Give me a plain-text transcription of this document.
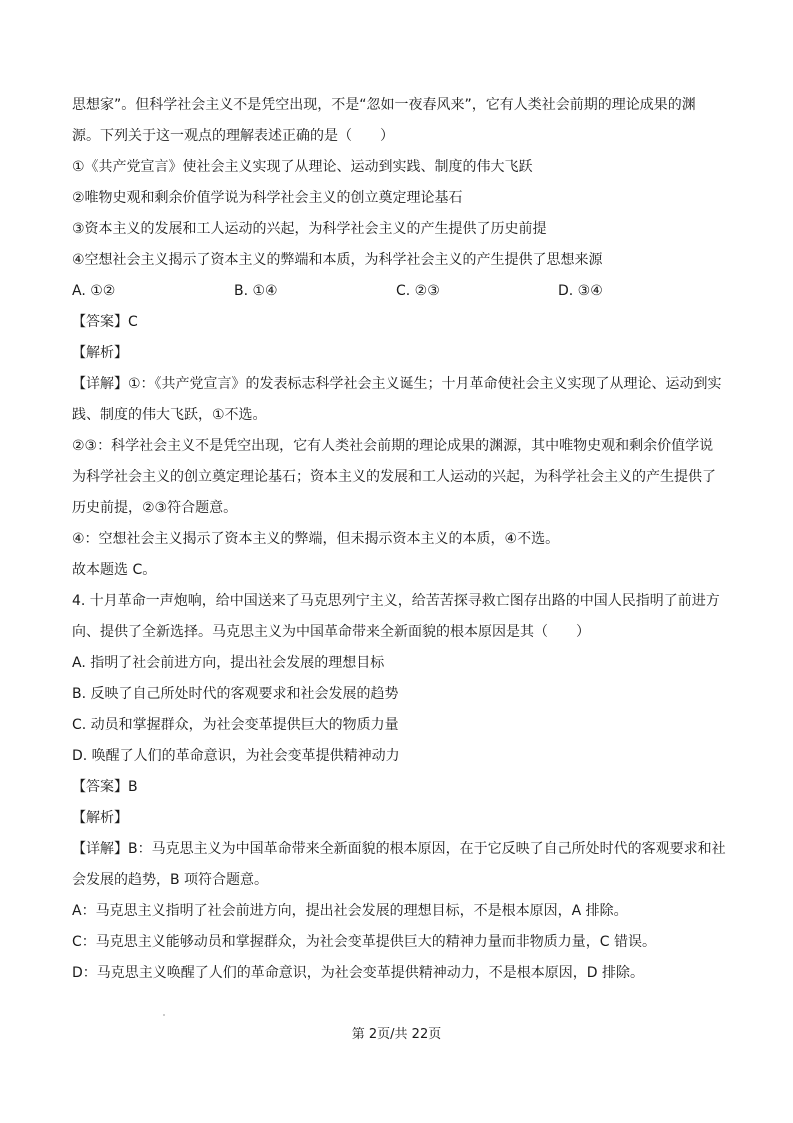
思想家”。但科学社会主义不是凭空出现，不是“忽如一夜春风来”，它有人类社会前期的理论成果的渊
源。下列关于这一观点的理解表述正确的是（　　）
①《共产党宣言》使社会主义实现了从理论、运动到实践、制度的伟大飞跃
②唯物史观和剩余价值学说为科学社会主义的创立奠定理论基石
③资本主义的发展和工人运动的兴起，为科学社会主义的产生提供了历史前提
④空想社会主义揭示了资本主义的弊端和本质，为科学社会主义的产生提供了思想来源
A. ①②	B. ①④	C. ②③	D. ③④
【答案】C
【解析】
【详解】①：《共产党宣言》的发表标志科学社会主义诞生；十月革命使社会主义实现了从理论、运动到实
践、制度的伟大飞跃，①不选。
②③：科学社会主义不是凭空出现，它有人类社会前期的理论成果的渊源，其中唯物史观和剩余价值学说
为科学社会主义的创立奠定理论基石；资本主义的发展和工人运动的兴起，为科学社会主义的产生提供了
历史前提，②③符合题意。
④：空想社会主义揭示了资本主义的弊端，但未揭示资本主义的本质，④不选。
故本题选 C。
4. 十月革命一声炮响，给中国送来了马克思列宁主义，给苦苦探寻救亡图存出路的中国人民指明了前进方
向、提供了全新选择。马克思主义为中国革命带来全新面貌的根本原因是其（　　）
A. 指明了社会前进方向，提出社会发展的理想目标
B. 反映了自己所处时代的客观要求和社会发展的趋势
C. 动员和掌握群众，为社会变革提供巨大的物质力量
D. 唤醒了人们的革命意识，为社会变革提供精神动力
【答案】B
【解析】
【详解】B：马克思主义为中国革命带来全新面貌的根本原因，在于它反映了自己所处时代的客观要求和社
会发展的趋势，B 项符合题意。
A：马克思主义指明了社会前进方向，提出社会发展的理想目标，不是根本原因，A 排除。
C：马克思主义能够动员和掌握群众，为社会变革提供巨大的精神力量而非物质力量，C 错误。
D：马克思主义唤醒了人们的革命意识，为社会变革提供精神动力，不是根本原因，D 排除。
第 2页/共 22页
